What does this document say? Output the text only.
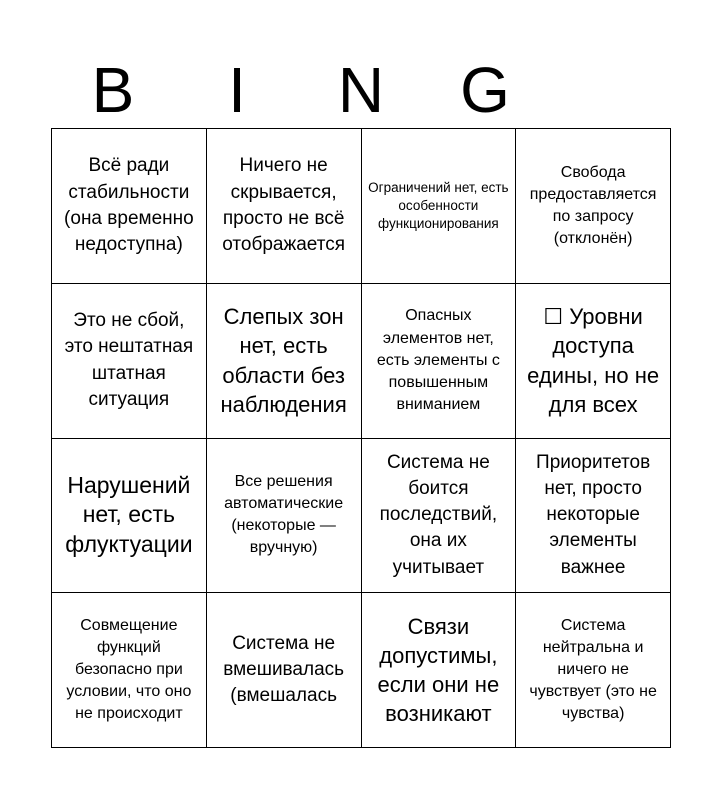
B	I	N	G
Всё ради стабильности (она временно недоступна)
Ничего не скрывается, просто не всё отображается
Ограничений нет, есть особенности функционирования
Свобода предоставляется по запросу (отклонён)
Это не сбой, это нештатная штатная ситуация
Слепых зон нет, есть области без наблюдения
Опасных элементов нет, есть элементы с повышенным вниманием
☐ Уровни доступа едины, но не для всех
Нарушений нет, есть флуктуации
Все решения автоматические (некоторые — вручную)
Система не боится последствий, она их учитывает
Приоритетов нет, просто некоторые элементы важнее
Совмещение функций безопасно при условии, что оно не происходит
Система не вмешивалась (вмешалась
Связи допустимы, если они не возникают
Система нейтральна и ничего не чувствует (это не чувства)
